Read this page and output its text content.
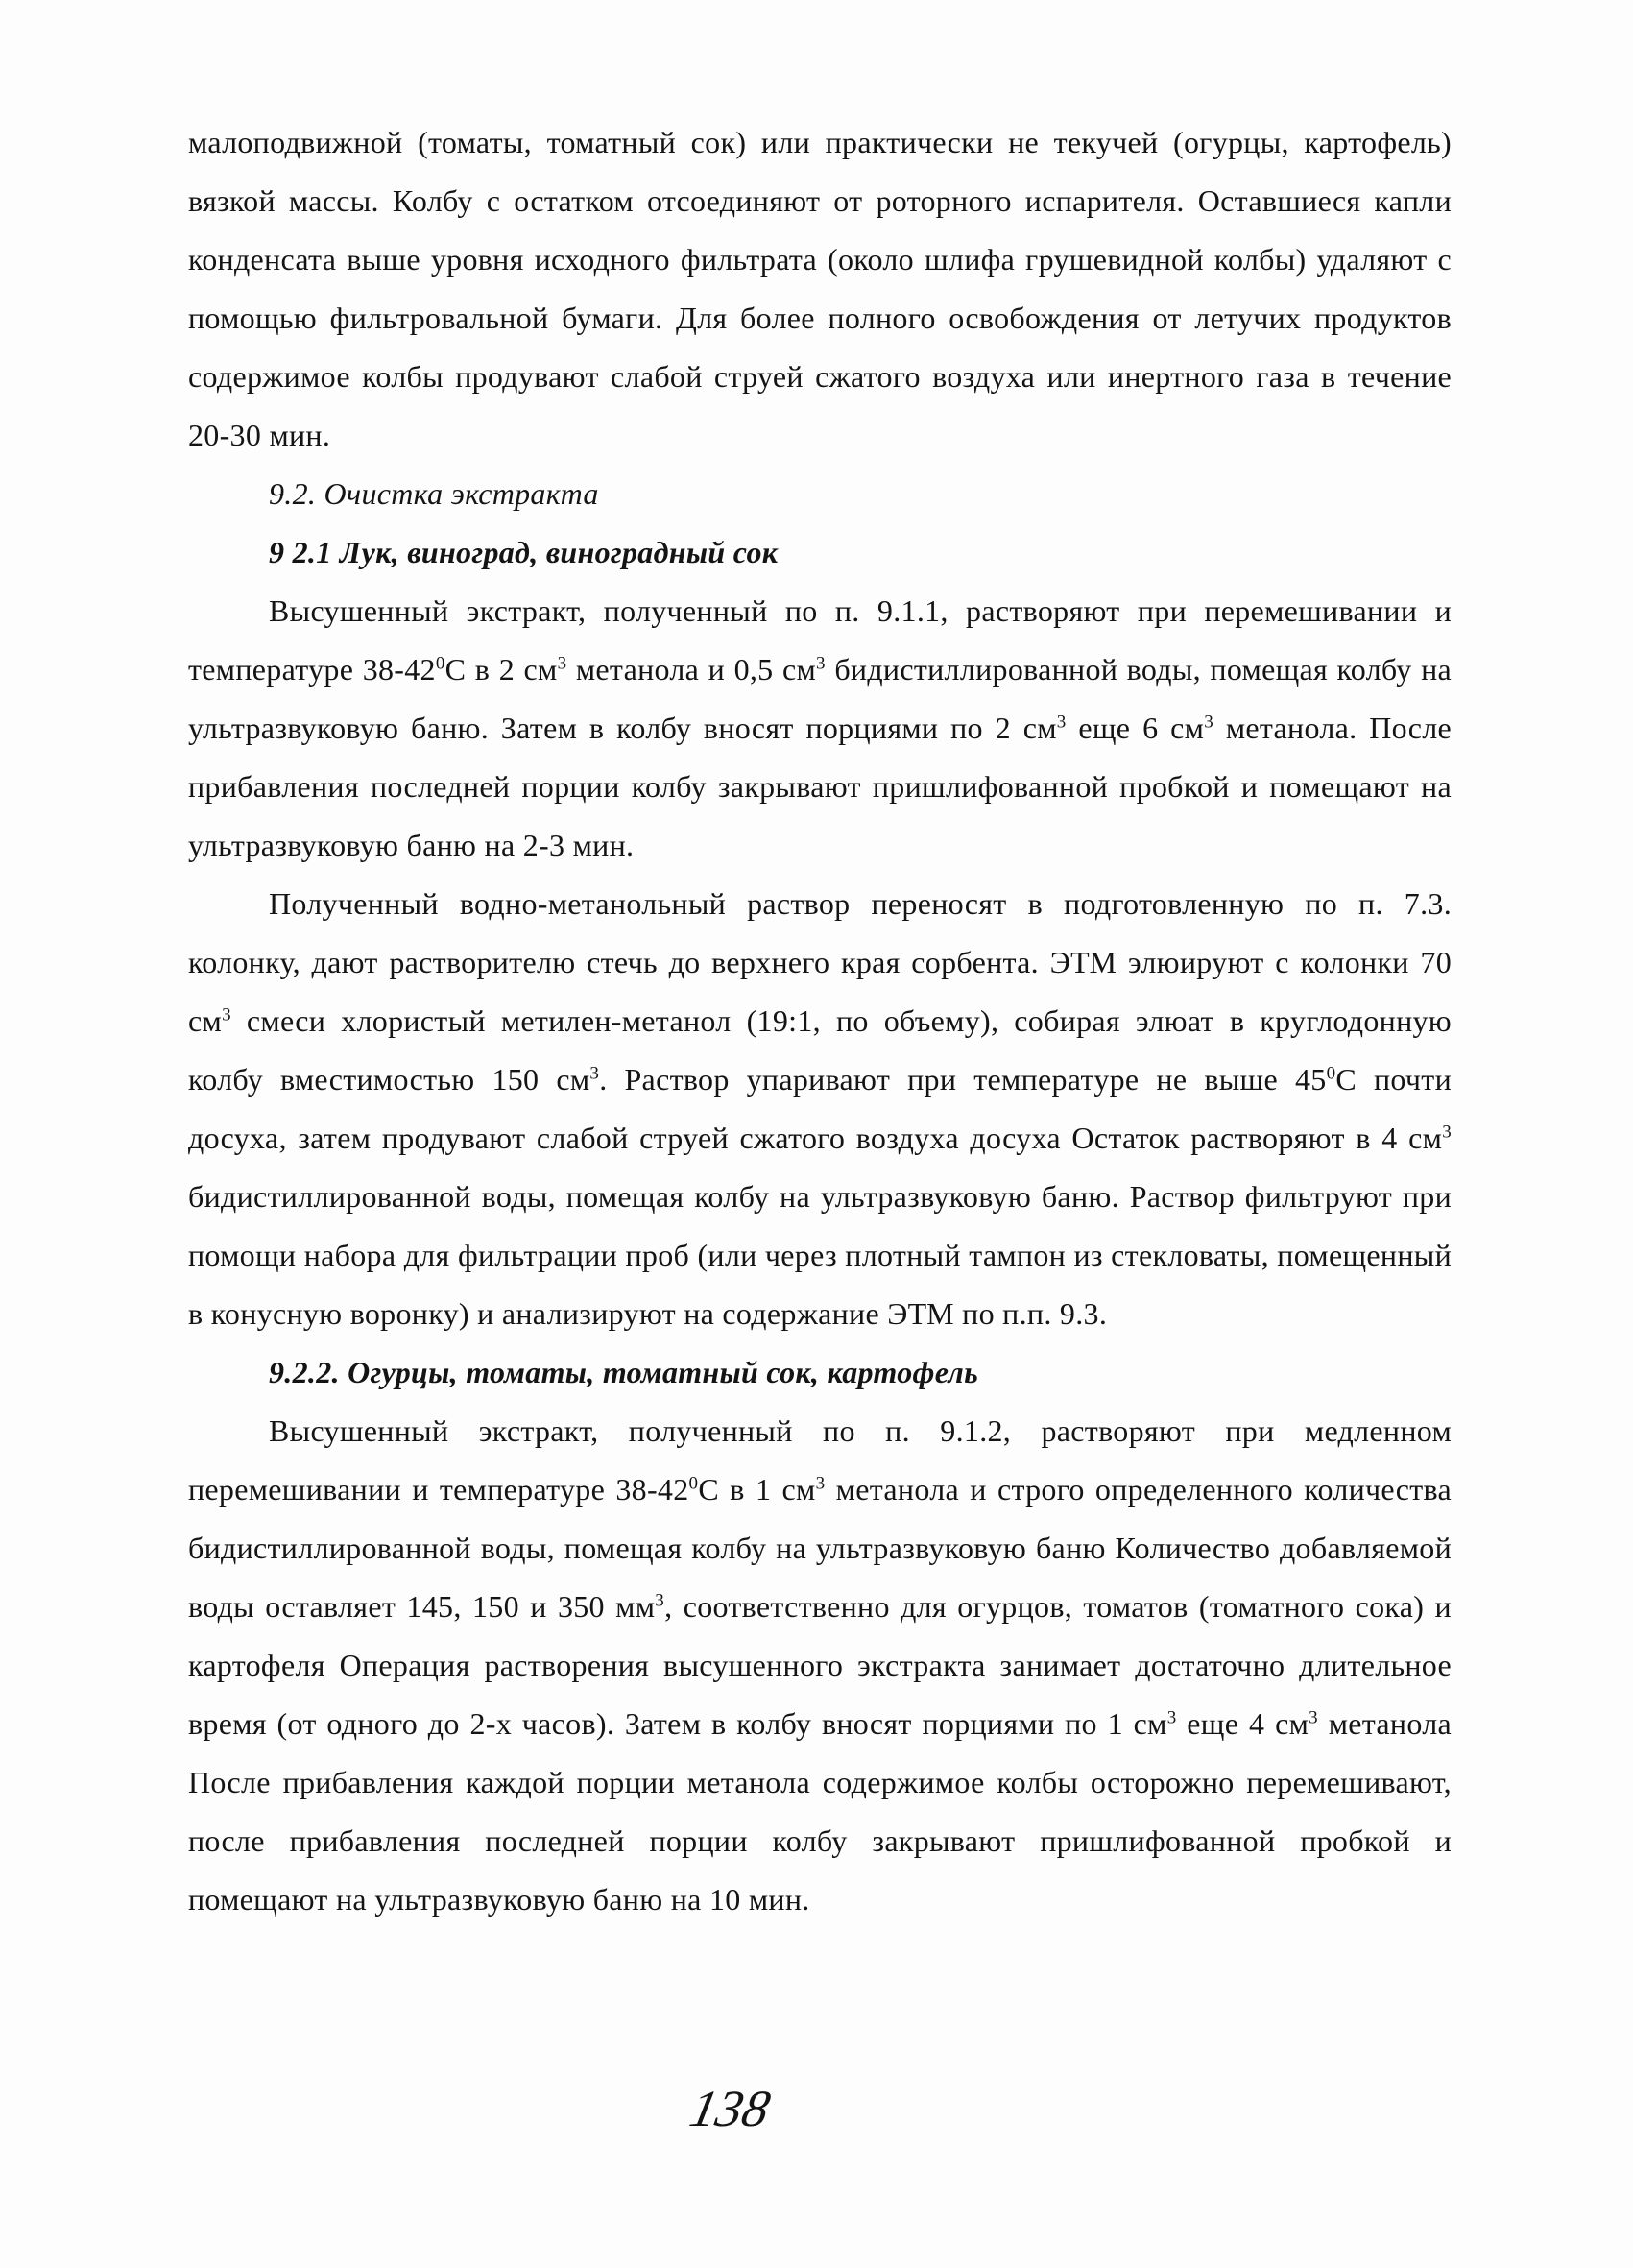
малоподвижной (томаты, томатный сок) или практически не текучей (огурцы, картофель) вязкой массы. Колбу с остатком отсоединяют от роторного испарителя. Оставшиеся капли конденсата выше уровня исходного фильтрата (около шлифа грушевидной колбы) удаляют с помощью фильтровальной бумаги. Для более полного освобождения от летучих продуктов содержимое колбы продувают слабой струей сжатого воздуха или инертного газа в течение 20-30 мин.

9.2. Очистка экстракта
9 2.1 Лук, виноград, виноградный сок

Высушенный экстракт, полученный по п. 9.1.1, растворяют при перемешивании и температуре $38-42^0С$ в 2 $см^3$ метанола и 0,5 $см^3$ бидистиллированной воды, помещая колбу на ультразвуковую баню. Затем в колбу вносят порциями по 2 $см^3$ еще 6 $см^3$ метанола. После прибавления последней порции колбу закрывают пришлифованной пробкой и помещают на ультразвуковую баню на 2-3 мин.

Полученный водно-метанольный раствор переносят в подготовленную по п. 7.3. колонку, дают растворителю стечь до верхнего края сорбента. ЭТМ элюируют с колонки 70 $см^3$ смеси хлористый метилен-метанол (19:1, по объему), собирая элюат в круглодонную колбу вместимостью 150 $см^3$. Раствор упаривают при температуре не выше $45^0С$ почти досуха, затем продувают слабой струей сжатого воздуха досуха Остаток растворяют в 4 $см^3$ бидистиллированной воды, помещая колбу на ультразвуковую баню. Раствор фильтруют при помощи набора для фильтрации проб (или через плотный тампон из стекловаты, помещенный в конусную воронку) и анализируют на содержание ЭТМ по п.п. 9.3.

9.2.2. Огурцы, томаты, томатный сок, картофель

Высушенный экстракт, полученный по п. 9.1.2, растворяют при медленном перемешивании и температуре $38-42^0С$ в 1 $см^3$ метанола и строго определенного количества бидистиллированной воды, помещая колбу на ультразвуковую баню Количество добавляемой воды оставляет 145, 150 и 350 $мм^3$, соответственно для огурцов, томатов (томатного сока) и картофеля Операция растворения высушенного экстракта занимает достаточно длительное время (от одного до 2-х часов). Затем в колбу вносят порциями по 1 $см^3$ еще 4 $см^3$ метанола После прибавления каждой порции метанола содержимое колбы осторожно перемешивают, после прибавления последней порции колбу закрывают пришлифованной пробкой и помещают на ультразвуковую баню на 10 мин.

138
